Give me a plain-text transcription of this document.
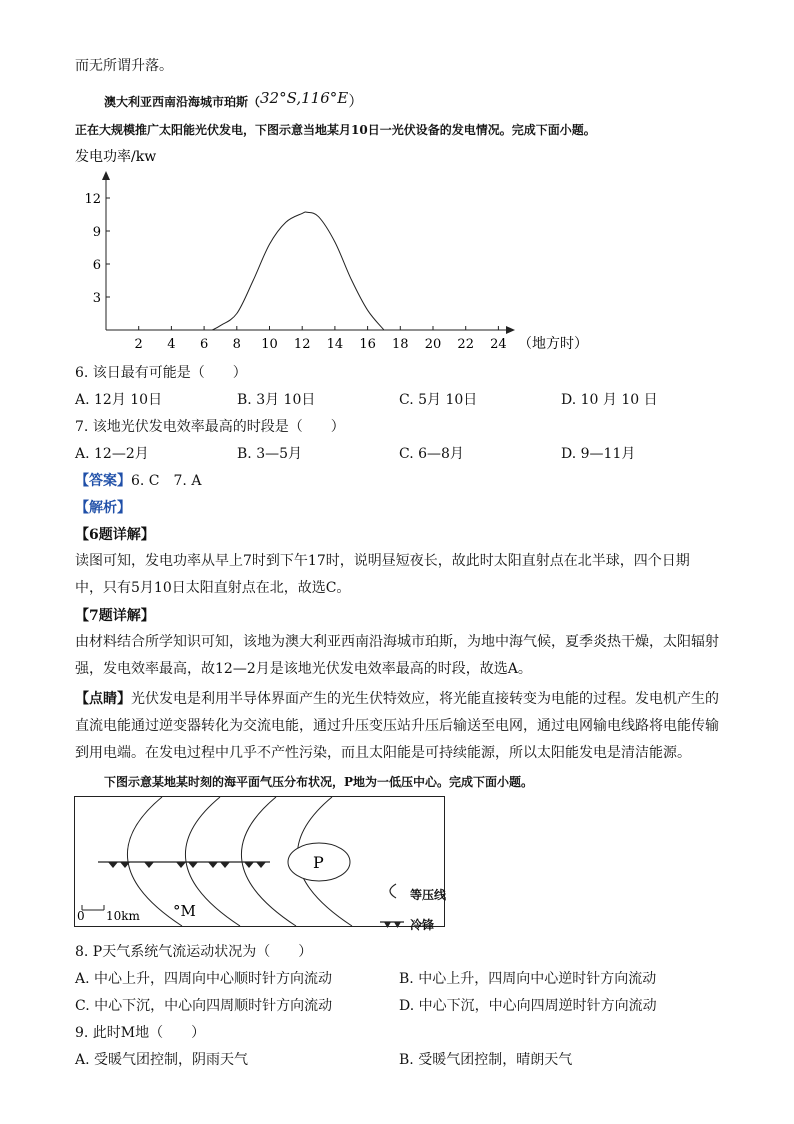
而无所谓升落。
澳大利亚西南沿海城市珀斯（32°S,116°E）
正在大规模推广太阳能光伏发电，下图示意当地某月10日一光伏设备的发电情况。完成下面小题。
发电功率/kw
2 4 6 8 10 12 14 16 18 20 22 24
3
6
9
12
（地方时）
6. 该日最有可能是（　　）
A. 12月 10日	B. 3月 10日	C. 5月 10日	D. 10 月 10 日
7. 该地光伏发电效率最高的时段是（　　）
A. 12—2月	B. 3—5月	C. 6—8月	D. 9—11月
【答案】6. C　7. A
【解析】
【6题详解】
读图可知，发电功率从早上7时到下午17时，说明昼短夜长，故此时太阳直射点在北半球，四个日期
中，只有5月10日太阳直射点在北，故选C。
【7题详解】
由材料结合所学知识可知，该地为澳大利亚西南沿海城市珀斯，为地中海气候，夏季炎热干燥，太阳辐射
强，发电效率最高，故12—2月是该地光伏发电效率最高的时段，故选A。
【点睛】光伏发电是利用半导体界面产生的光生伏特效应，将光能直接转变为电能的过程。发电机产生的
直流电能通过逆变器转化为交流电能，通过升压变压站升压后输送至电网，通过电网输电线路将电能传输
到用电端。在发电过程中几乎不产性污染，而且太阳能是可持续能源，所以太阳能发电是清洁能源。
下图示意某地某时刻的海平面气压分布状况，P地为一低压中心。完成下面小题。
P
°M
0 10km
等压线
冷锋
8. P天气系统气流运动状况为（　　）
A. 中心上升，四周向中心顺时针方向流动	B. 中心上升，四周向中心逆时针方向流动
C. 中心下沉，中心向四周顺时针方向流动	D. 中心下沉，中心向四周逆时针方向流动
9. 此时M地（　　）
A. 受暖气团控制，阴雨天气	B. 受暖气团控制，晴朗天气
